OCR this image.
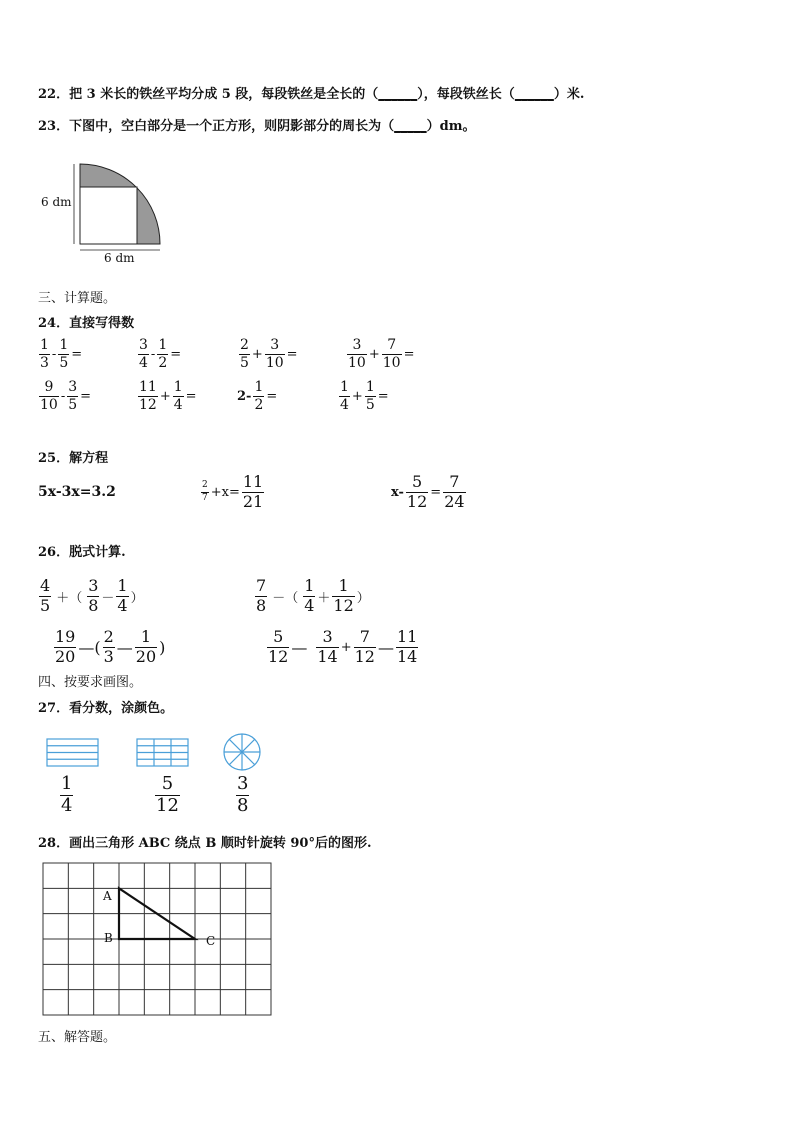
22．把 3 米长的铁丝平均分成 5 段，每段铁丝是全长的（______），每段铁丝长（______）米.
23．下图中，空白部分是一个正方形，则阴影部分的周长为（_____）dm。
6 dm
6 dm
三、计算题。
24．直接写得数
$\frac{1}{3} - \frac{1}{5}$ =	$\frac{3}{4} - \frac{1}{2}$ =	$\frac{2}{5} + \frac{3}{10}$ =	$\frac{3}{10} + \frac{7}{10}$ =
$\frac{9}{10} - \frac{3}{5}$ =	$\frac{11}{12} + \frac{1}{4}$ =	$2- \frac{1}{2}$ =	$\frac{1}{4} + \frac{1}{5}$ =
25．解方程
5x-3x=3.2	$\frac{2}{7} +x= \frac{11}{21}$	$x- \frac{5}{12} = \frac{7}{24}$
26．脱式计算.
$\frac{4}{5}$ ＋（ $\frac{3}{8} - \frac{1}{4}$ ）	$\frac{7}{8}$ －（ $\frac{1}{4} + \frac{1}{12}$ ）
$\frac{19}{20}$ —( $\frac{2}{3}$ — $\frac{1}{20}$ )	$\frac{5}{12}$ — $\frac{3}{14} + \frac{7}{12}$ — $\frac{11}{14}$
四、按要求画图。
27．看分数，涂颜色。
$\frac{1}{4}$	$\frac{5}{12}$	$\frac{3}{8}$
28．画出三角形 ABC 绕点 B 顺时针旋转 90°后的图形.
A
B	C
五、解答题。
